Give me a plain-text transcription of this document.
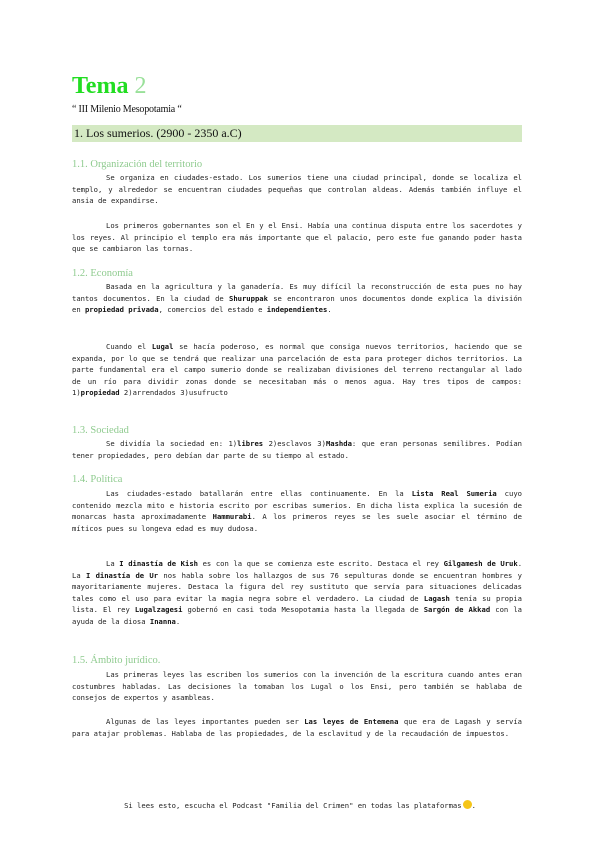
Tema 2
“ III Milenio Mesopotamia “
1. Los sumerios. (2900 - 2350 a.C)
1.1. Organización del territorio

Se organiza en ciudades-estado. Los sumerios tiene una ciudad principal, donde se localiza el templo, y alrededor se encuentran ciudades pequeñas que controlan aldeas. Además también influye el ansia de expandirse.

Los primeros gobernantes son el En y el Ensi. Había una continua disputa entre los sacerdotes y los reyes. Al principio el templo era más importante que el palacio, pero este fue ganando poder hasta que se cambiaron las tornas.

1.2. Economía

Basada en la agricultura y la ganadería. Es muy difícil la reconstrucción de esta pues no hay tantos documentos. En la ciudad de Shuruppak se encontraron unos documentos donde explica la división en propiedad privada, comercios del estado e independientes.

Cuando el Lugal se hacía poderoso, es normal que consiga nuevos territorios, haciendo que se expanda, por lo que se tendrá que realizar una parcelación de esta para proteger dichos territorios. La parte fundamental era el campo sumerio donde se realizaban divisiones del terreno rectangular al lado de un río para dividir zonas donde se necesitaban más o menos agua. Hay tres tipos de campos: 1)propiedad 2)arrendados 3)usufructo

1.3. Sociedad

Se dividía la sociedad en: 1)libres 2)esclavos 3)Mashda: que eran personas semilibres. Podían tener propiedades, pero debían dar parte de su tiempo al estado.

1.4. Política

Las ciudades-estado batallarán entre ellas continuamente. En la Lista Real Sumeria cuyo contenido mezcla mito e historia escrito por escribas sumerios. En dicha lista explica la sucesión de monarcas hasta aproximadamente Hammurabi. A los primeros reyes se les suele asociar el término de míticos pues su longeva edad es muy dudosa.

La I dinastía de Kish es con la que se comienza este escrito. Destaca el rey Gilgamesh de Uruk. La I dinastía de Ur nos habla sobre los hallazgos de sus 76 sepulturas donde se encuentran hombres y mayoritariamente mujeres. Destaca la figura del rey sustituto que servía para situaciones delicadas tales como el uso para evitar la magia negra sobre el verdadero. La ciudad de Lagash tenía su propia lista. El rey Lugalzagesi gobernó en casi toda Mesopotamia hasta la llegada de Sargón de Akkad con la ayuda de la diosa Inanna.

1.5. Ámbito jurídico.

Las primeras leyes las escriben los sumerios con la invención de la escritura cuando antes eran costumbres habladas. Las decisiones la tomaban los Lugal o los Ensi, pero también se hablaba de consejos de expertos y asambleas.

Algunas de las leyes importantes pueden ser Las leyes de Entemena que era de Lagash y servía para atajar problemas. Hablaba de las propiedades, de la esclavitud y de la recaudación de impuestos.

Si lees esto, escucha el Podcast "Familia del Crimen" en todas las plataformas .
